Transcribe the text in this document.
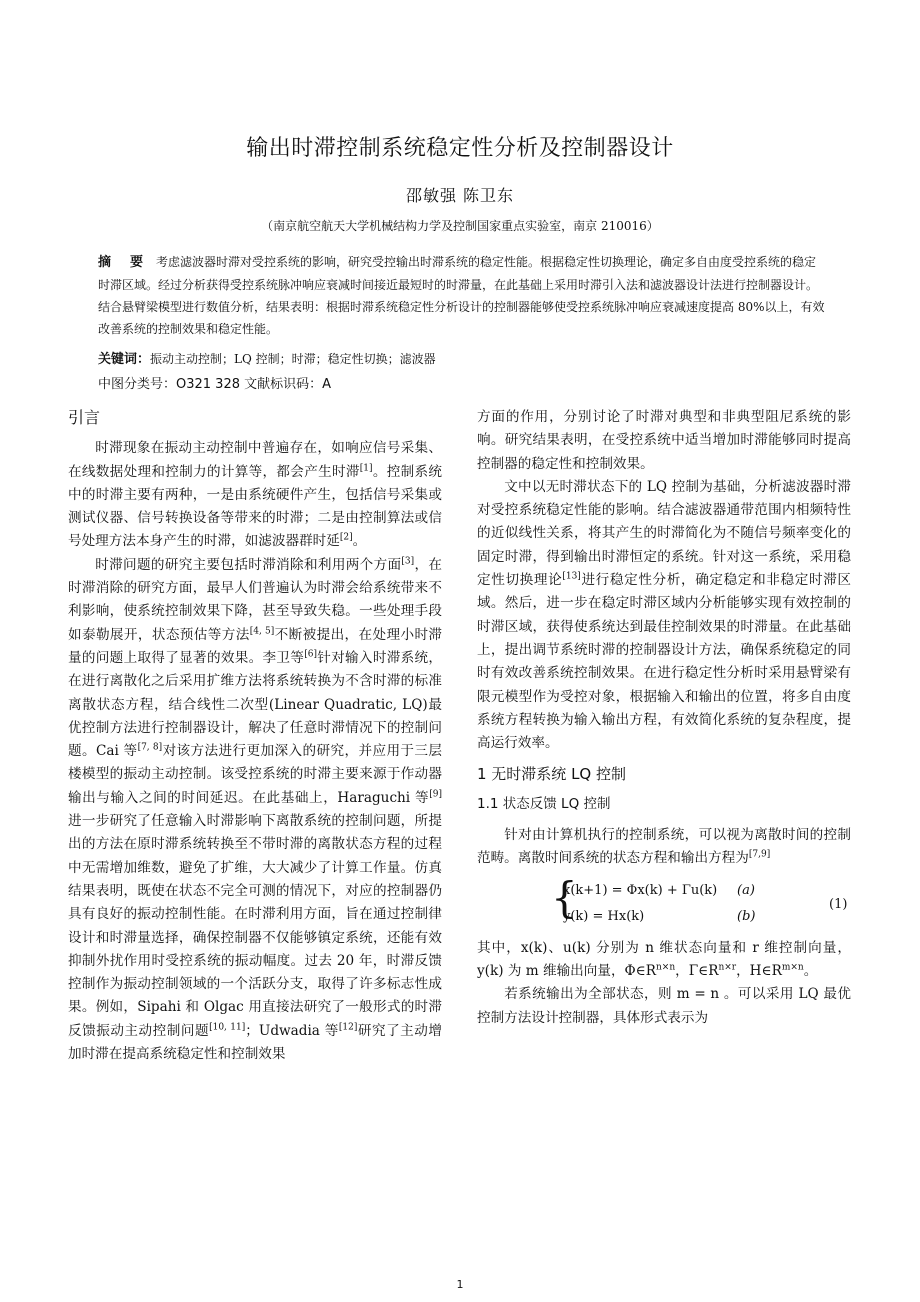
输出时滞控制系统稳定性分析及控制器设计
邵敏强 陈卫东
（南京航空航天大学机械结构力学及控制国家重点实验室，南京 210016）
摘　要 考虑滤波器时滞对受控系统的影响，研究受控输出时滞系统的稳定性能。根据稳定性切换理论，确定多自由度受控系统的稳定时滞区域。经过分析获得受控系统脉冲响应衰减时间接近最短时的时滞量，在此基础上采用时滞引入法和滤波器设计法进行控制器设计。结合悬臂梁模型进行数值分析，结果表明：根据时滞系统稳定性分析设计的控制器能够使受控系统脉冲响应衰减速度提高 80%以上，有效改善系统的控制效果和稳定性能。
关键词：振动主动控制；LQ 控制；时滞；稳定性切换；滤波器
中图分类号：O321 328 文献标识码：A
引言

时滞现象在振动主动控制中普遍存在，如响应信号采集、在线数据处理和控制力的计算等，都会产生时滞[1]。控制系统中的时滞主要有两种，一是由系统硬件产生，包括信号采集或测试仪器、信号转换设备等带来的时滞；二是由控制算法或信号处理方法本身产生的时滞，如滤波器群时延[2]。

时滞问题的研究主要包括时滞消除和利用两个方面[3]，在时滞消除的研究方面，最早人们普遍认为时滞会给系统带来不利影响，使系统控制效果下降，甚至导致失稳。一些处理手段如泰勒展开，状态预估等方法[4, 5]不断被提出，在处理小时滞量的问题上取得了显著的效果。李卫等[6]针对输入时滞系统，在进行离散化之后采用扩维方法将系统转换为不含时滞的标准离散状态方程，结合线性二次型(Linear Quadratic, LQ)最优控制方法进行控制器设计，解决了任意时滞情况下的控制问题。Cai 等[7, 8]对该方法进行更加深入的研究，并应用于三层楼模型的振动主动控制。该受控系统的时滞主要来源于作动器输出与输入之间的时间延迟。在此基础上，Haraguchi 等[9]进一步研究了任意输入时滞影响下离散系统的控制问题，所提出的方法在原时滞系统转换至不带时滞的离散状态方程的过程中无需增加维数，避免了扩维，大大减少了计算工作量。仿真结果表明，既使在状态不完全可测的情况下，对应的控制器仍具有良好的振动控制性能。在时滞利用方面，旨在通过控制律设计和时滞量选择，确保控制器不仅能够镇定系统，还能有效抑制外扰作用时受控系统的振动幅度。过去 20 年，时滞反馈控制作为振动控制领域的一个活跃分支，取得了许多标志性成果。例如，Sipahi 和 Olgac 用直接法研究了一般形式的时滞反馈振动主动控制问题[10, 11]；Udwadia 等[12]研究了主动增加时滞在提高系统稳定性和控制效果

方面的作用，分别讨论了时滞对典型和非典型阻尼系统的影响。研究结果表明，在受控系统中适当增加时滞能够同时提高控制器的稳定性和控制效果。

文中以无时滞状态下的 LQ 控制为基础，分析滤波器时滞对受控系统稳定性能的影响。结合滤波器通带范围内相频特性的近似线性关系，将其产生的时滞简化为不随信号频率变化的固定时滞，得到输出时滞恒定的系统。针对这一系统，采用稳定性切换理论[13]进行稳定性分析，确定稳定和非稳定时滞区域。然后，进一步在稳定时滞区域内分析能够实现有效控制的时滞区域，获得使系统达到最佳控制效果的时滞量。在此基础上，提出调节系统时滞的控制器设计方法，确保系统稳定的同时有效改善系统控制效果。在进行稳定性分析时采用悬臂梁有限元模型作为受控对象，根据输入和输出的位置，将多自由度系统方程转换为输入输出方程，有效简化系统的复杂程度，提高运行效率。

1 无时滞系统 LQ 控制
1.1 状态反馈 LQ 控制

针对由计算机执行的控制系统，可以视为离散时间的控制范畴。离散时间系统的状态方程和输出方程为[7,9]

{
x(k+1) = Φx(k) + Γu(k) (a)
y(k) = Hx(k)	(b)
(1)

其中，x(k)、u(k) 分别为 n 维状态向量和 r 维控制向量，y(k) 为 m 维输出向量，$\Phi\in R^{n\times n}$，$\Gamma\in R^{n\times r}$，$H\in R^{m\times n}$。

若系统输出为全部状态，则 m = n 。可以采用 LQ 最优控制方法设计控制器，具体形式表示为

1
